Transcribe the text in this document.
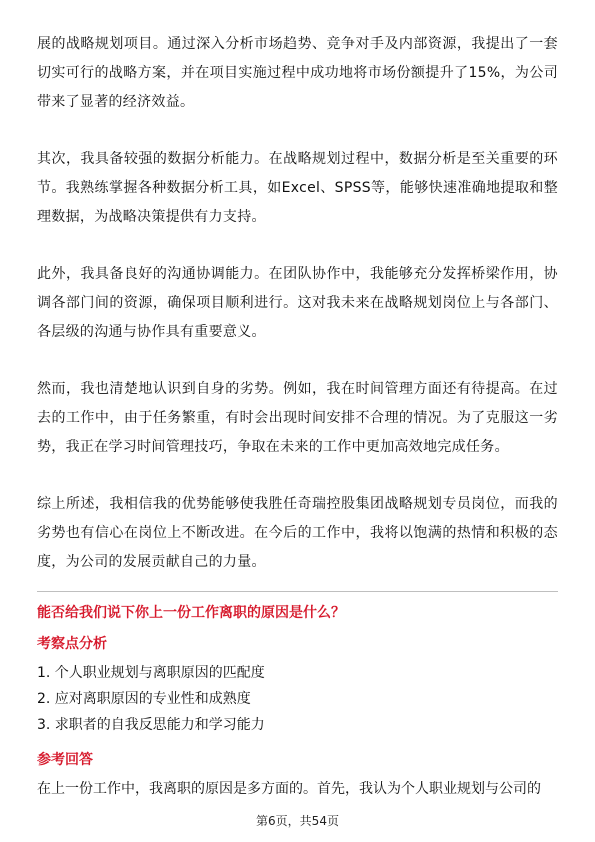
展的战略规划项目。通过深入分析市场趋势、竞争对手及内部资源，我提出了一套切实可行的战略方案，并在项目实施过程中成功地将市场份额提升了15%，为公司带来了显著的经济效益。

其次，我具备较强的数据分析能力。在战略规划过程中，数据分析是至关重要的环节。我熟练掌握各种数据分析工具，如Excel、SPSS等，能够快速准确地提取和整理数据，为战略决策提供有力支持。

此外，我具备良好的沟通协调能力。在团队协作中，我能够充分发挥桥梁作用，协调各部门间的资源，确保项目顺利进行。这对我未来在战略规划岗位上与各部门、各层级的沟通与协作具有重要意义。

然而，我也清楚地认识到自身的劣势。例如，我在时间管理方面还有待提高。在过去的工作中，由于任务繁重，有时会出现时间安排不合理的情况。为了克服这一劣势，我正在学习时间管理技巧，争取在未来的工作中更加高效地完成任务。

综上所述，我相信我的优势能够使我胜任奇瑞控股集团战略规划专员岗位，而我的劣势也有信心在岗位上不断改进。在今后的工作中，我将以饱满的热情和积极的态度，为公司的发展贡献自己的力量。

能否给我们说下你上一份工作离职的原因是什么？

考察点分析

1. 个人职业规划与离职原因的匹配度

2. 应对离职原因的专业性和成熟度

3. 求职者的自我反思能力和学习能力

参考回答

在上一份工作中，我离职的原因是多方面的。首先，我认为个人职业规划与公司的

第6页，共54页
